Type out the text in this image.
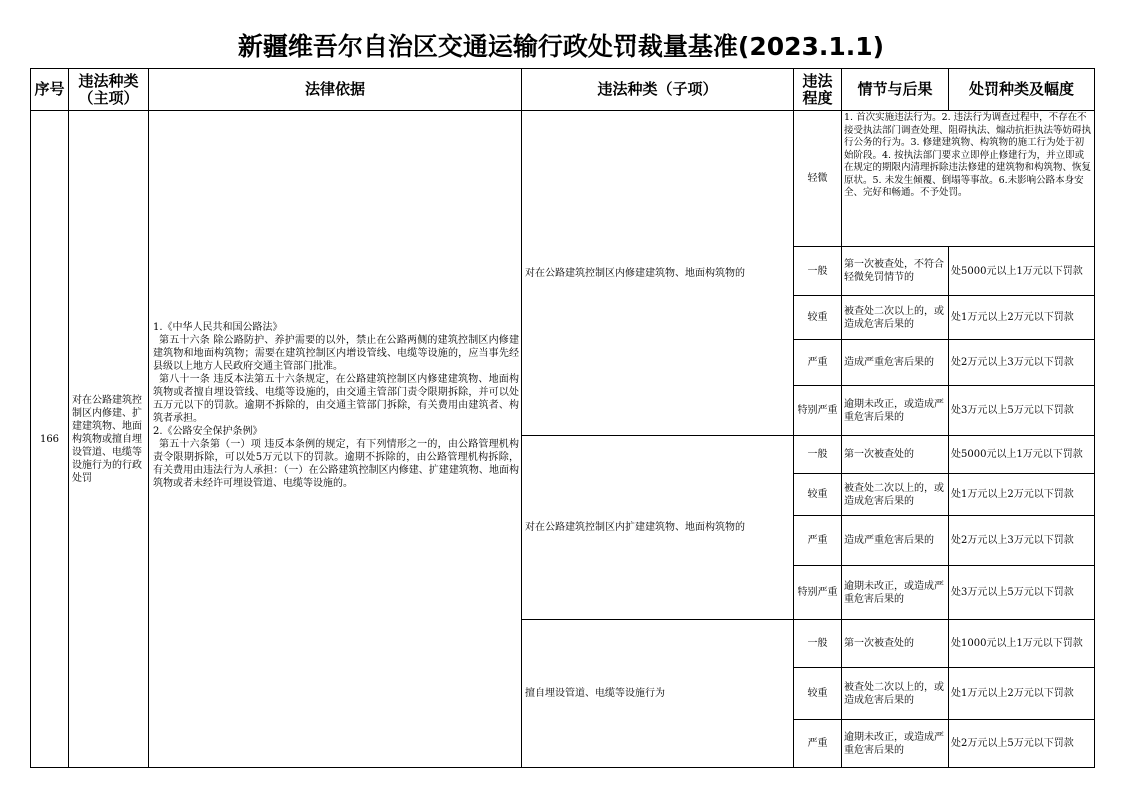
新疆维吾尔自治区交通运输行政处罚裁量基准(2023.1.1)
序号	违法种类（主项）	法律依据	违法种类（子项）	违法程度	情节与后果	处罚种类及幅度
166	对在公路建筑控制区内修建、扩建建筑物、地面构筑物或擅自埋设管道、电缆等设施行为的行政处罚	1.《中华人民共和国公路法》
第五十六条 除公路防护、养护需要的以外，禁止在公路两侧的建筑控制区内修建建筑物和地面构筑物；需要在建筑控制区内增设管线、电缆等设施的，应当事先经县级以上地方人民政府交通主管部门批准。
第八十一条 违反本法第五十六条规定，在公路建筑控制区内修建建筑物、地面构筑物或者擅自埋设管线、电缆等设施的，由交通主管部门责令限期拆除，并可以处五万元以下的罚款。逾期不拆除的，由交通主管部门拆除，有关费用由建筑者、构筑者承担。
2.《公路安全保护条例》
第五十六条第（一）项 违反本条例的规定，有下列情形之一的，由公路管理机构责令限期拆除，可以处5万元以下的罚款。逾期不拆除的，由公路管理机构拆除，有关费用由违法行为人承担：（一）在公路建筑控制区内修建、扩建建筑物、地面构筑物或者未经许可埋设管道、电缆等设施的。	对在公路建筑控制区内修建建筑物、地面构筑物的	轻微	1. 首次实施违法行为。2. 违法行为调查过程中，不存在不接受执法部门调查处理、阻碍执法、煽动抗拒执法等妨碍执行公务的行为。3. 修建建筑物、构筑物的施工行为处于初始阶段。4. 按执法部门要求立即停止修建行为，并立即或在规定的期限内清理拆除违法修建的建筑物和构筑物、恢复原状。5. 未发生倾覆、倒塌等事故。6.未影响公路本身安全、完好和畅通。不予处罚。	
				一般	第一次被查处，不符合轻微免罚情节的	处5000元以上1万元以下罚款
				较重	被查处二次以上的，或造成危害后果的	处1万元以上2万元以下罚款
				严重	造成严重危害后果的	处2万元以上3万元以下罚款
				特别严重	逾期未改正，或造成严重危害后果的	处3万元以上5万元以下罚款
			对在公路建筑控制区内扩建建筑物、地面构筑物的	一般	第一次被查处的	处5000元以上1万元以下罚款
				较重	被查处二次以上的，或造成危害后果的	处1万元以上2万元以下罚款
				严重	造成严重危害后果的	处2万元以上3万元以下罚款
				特别严重	逾期未改正，或造成严重危害后果的	处3万元以上5万元以下罚款
			擅自埋设管道、电缆等设施行为	一般	第一次被查处的	处1000元以上1万元以下罚款
				较重	被查处二次以上的，或造成危害后果的	处1万元以上2万元以下罚款
				严重	逾期未改正，或造成严重危害后果的	处2万元以上5万元以下罚款
